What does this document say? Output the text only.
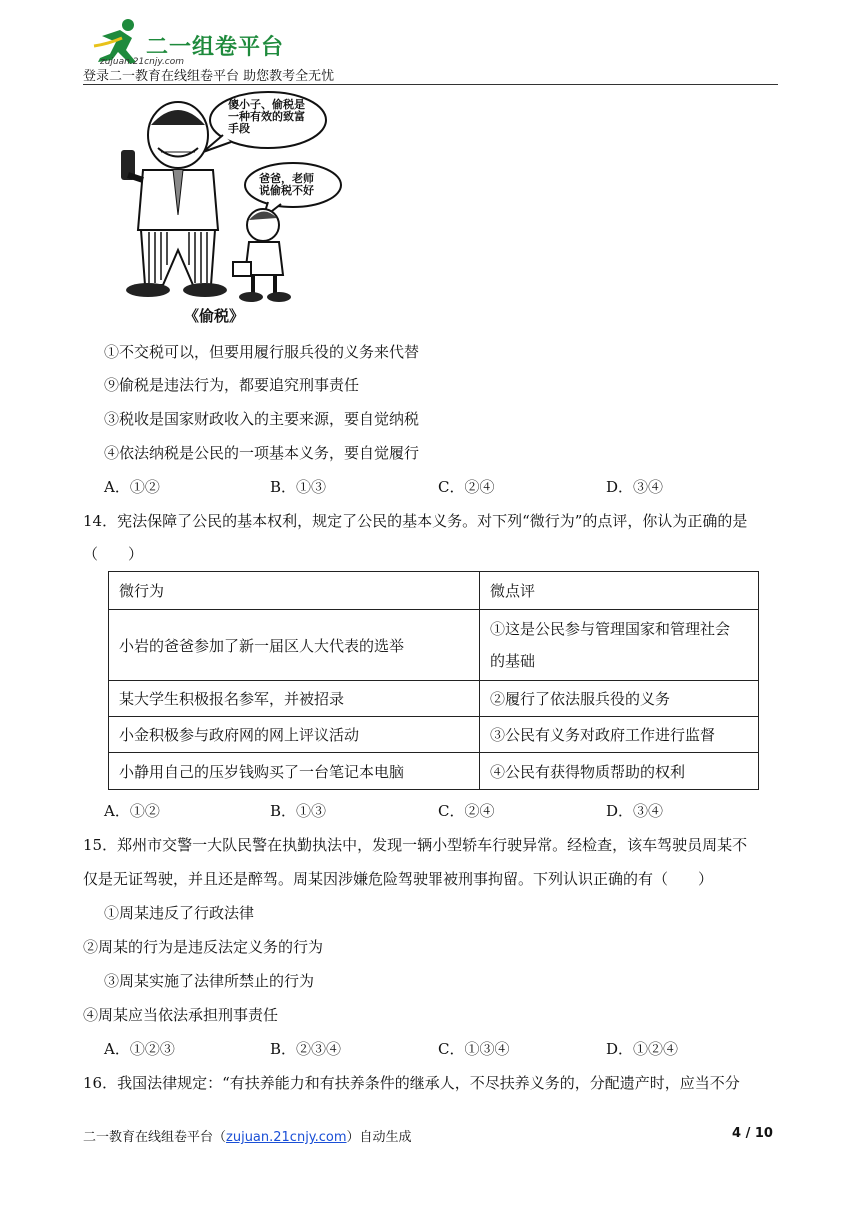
二一组卷平台
zujuan.21cnjy.com
登录二一教育在线组卷平台 助您教考全无忧
傻小子、偷税是
一种有效的致富
手段
爸爸，老师
说偷税不好
《偷税》
①不交税可以，但要用履行服兵役的义务来代替
⑨偷税是违法行为，都要追究刑事责任
③税收是国家财政收入的主要来源，要自觉纳税
④依法纳税是公民的一项基本义务，要自觉履行
A．①②	B．①③	C．②④	D．③④
14．宪法保障了公民的基本权利，规定了公民的基本义务。对下列“微行为”的点评，你认为正确的是
（　　）
微行为	微点评
小岩的爸爸参加了新一届区人大代表的选举	①这是公民参与管理国家和管理社会
的基础

某大学生积极报名参军，并被招录	②履行了依法服兵役的义务
小金积极参与政府网的网上评议活动	③公民有义务对政府工作进行监督
小静用自己的压岁钱购买了一台笔记本电脑	④公民有获得物质帮助的权利
A．①②	B．①③	C．②④	D．③④
15．郑州市交警一大队民警在执勤执法中，发现一辆小型轿车行驶异常。经检查，该车驾驶员周某不
仅是无证驾驶，并且还是醉驾。周某因涉嫌危险驾驶罪被刑事拘留。下列认识正确的有（　　）
①周某违反了行政法律
②周某的行为是违反法定义务的行为
③周某实施了法律所禁止的行为
④周某应当依法承担刑事责任
A．①②③	B．②③④	C．①③④	D．①②④
16．我国法律规定：“有扶养能力和有扶养条件的继承人，不尽扶养义务的，分配遗产时，应当不分
二一教育在线组卷平台（zujuan.21cnjy.com）自动生成	4 / 10
